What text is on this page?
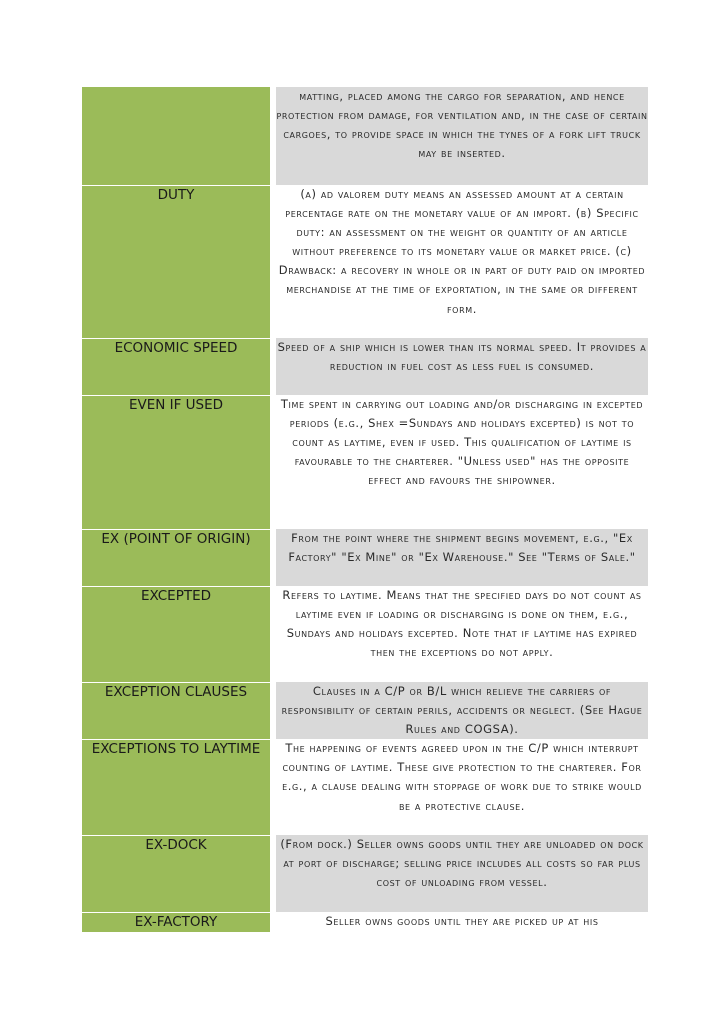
		matting, placed among the cargo for separation, and hence protection from damage, for ventilation and, in the case of certain cargoes, to provide space in which the tynes of a fork lift truck may be inserted.
DUTY		(a) ad valorem duty means an assessed amount at a certain percentage rate on the monetary value of an import. (b) Specific duty: an assessment on the weight or quantity of an article without preference to its monetary value or market price. (c) Drawback: a recovery in whole or in part of duty paid on imported merchandise at the time of exportation, in the same or different form.
ECONOMIC SPEED		Speed of a ship which is lower than its normal speed. It provides a reduction in fuel cost as less fuel is consumed.
EVEN IF USED		Time spent in carrying out loading and/or discharging in excepted periods (e.g., Shex =Sundays and holidays excepted) is not to count as laytime, even if used. This qualification of laytime is favourable to the charterer. "Unless used" has the opposite effect and favours the shipowner.
EX (POINT OF ORIGIN)		From the point where the shipment begins movement, e.g., "Ex Factory" "Ex Mine" or "Ex Warehouse." See "Terms of Sale."
EXCEPTED		Refers to laytime. Means that the specified days do not count as laytime even if loading or discharging is done on them, e.g., Sundays and holidays excepted. Note that if laytime has expired then the exceptions do not apply.
EXCEPTION CLAUSES		Clauses in a C/P or B/L which relieve the carriers of responsibility of certain perils, accidents or neglect. (See Hague Rules and COGSA).
EXCEPTIONS TO LAYTIME		The happening of events agreed upon in the C/P which interrupt counting of laytime. These give protection to the charterer. For e.g., a clause dealing with stoppage of work due to strike would be a protective clause.
EX-DOCK		(From dock.) Seller owns goods until they are unloaded on dock at port of discharge; selling price includes all costs so far plus cost of unloading from vessel.
EX-FACTORY		Seller owns goods until they are picked up at his
